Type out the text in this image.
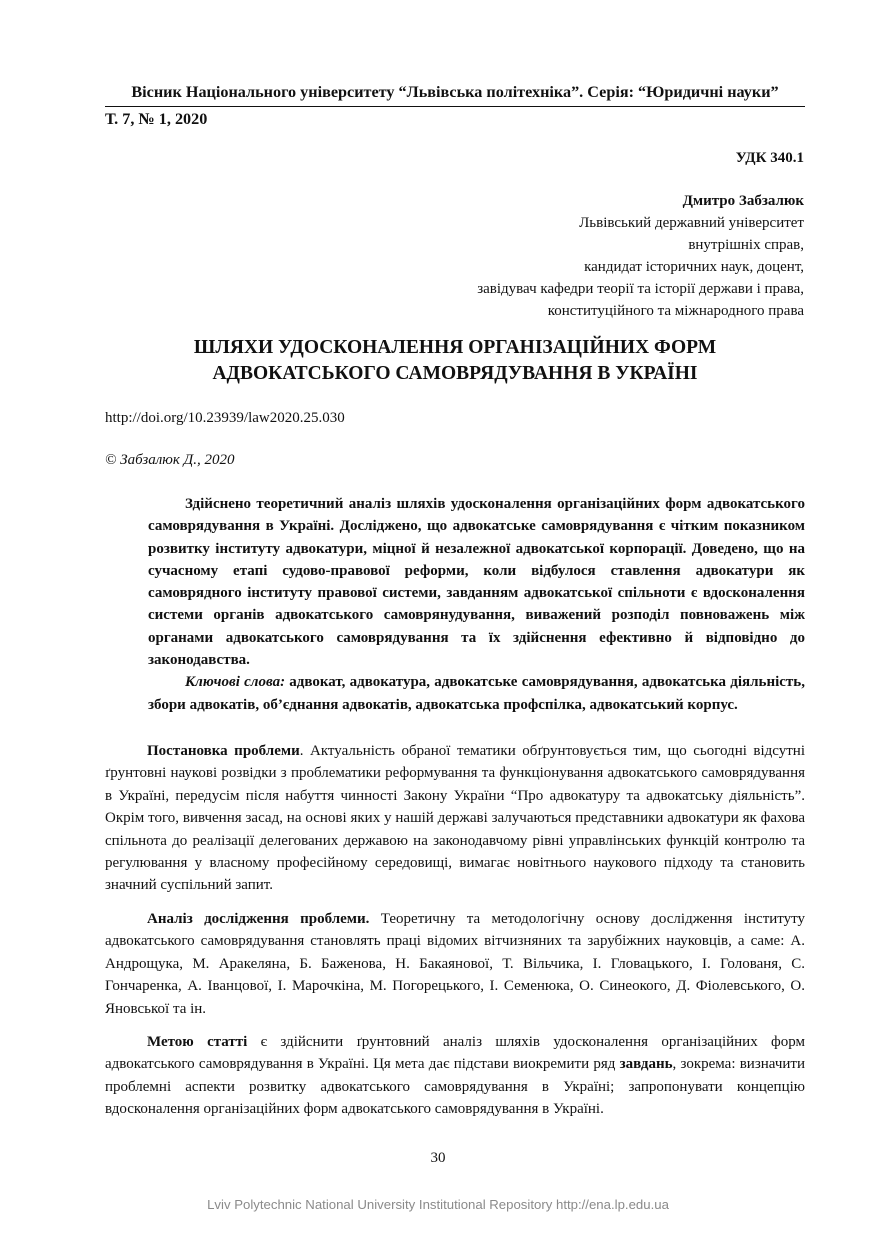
Вісник Національного університету “Львівська політехніка”. Серія: “Юридичні науки”
Т. 7, № 1, 2020
УДК 340.1
Дмитро Забзалюк
Львівський державний університет
внутрішніх справ,
кандидат історичних наук, доцент,
завідувач кафедри теорії та історії держави і права,
конституційного та міжнародного права
ШЛЯХИ УДОСКОНАЛЕННЯ ОРГАНІЗАЦІЙНИХ ФОРМ
АДВОКАТСЬКОГО САМОВРЯДУВАННЯ В УКРАЇНІ
http://doi.org/10.23939/law2020.25.030
© Забзалюк Д., 2020

Здійснено теоретичний аналіз шляхів удосконалення організаційних форм адвокатського самоврядування в Україні. Досліджено, що адвокатське самоврядування є чітким показником розвитку інституту адвокатури, міцної й незалежної адвокатської корпорації. Доведено, що на сучасному етапі судово-правової реформи, коли відбулося ставлення адвокатури як самоврядного інституту правової системи, завданням адвокатської спільноти є вдосконалення системи органів адвокатського самоврянудування, виважений розподіл повноважень між органами адвокатського самоврядування та їх здійснення ефективно й відповідно до законодавства.

Ключові слова: адвокат, адвокатура, адвокатське самоврядування, адвокатська діяльність, збори адвокатів, об’єднання адвокатів, адвокатська профспілка, адвокатський корпус.

Постановка проблеми. Актуальність обраної тематики обґрунтовується тим, що сьогодні відсутні ґрунтовні наукові розвідки з проблематики реформування та функціонування адвокатського самоврядування в Україні, передусім після набуття чинності Закону України “Про адвокатуру та адвокатську діяльність”. Окрім того, вивчення засад, на основі яких у нашій державі залучаються представники адвокатури як фахова спільнота до реалізації делегованих державою на законодавчому рівні управлінських функцій контролю та регулювання у власному професійному середовищі, вимагає новітнього наукового підходу та становить значний суспільний запит.

Аналіз дослідження проблеми. Теоретичну та методологічну основу дослідження інституту адвокатського самоврядування становлять праці відомих вітчизняних та зарубіжних науковців, а саме: А. Андрощука, М. Аракеляна, Б. Баженова, Н. Бакаянової, Т. Вільчика, І. Гловацького, І. Голованя, С. Гончаренка, А. Іванцової, І. Марочкіна, М. Погорецького, І. Семенюка, О. Синеокого, Д. Фіолевського, О. Яновської та ін.

Метою статті є здійснити ґрунтовний аналіз шляхів удосконалення організаційних форм адвокатського самоврядування в Україні. Ця мета дає підстави виокремити ряд завдань, зокрема: визначити проблемні аспекти розвитку адвокатського самоврядування в Україні; запропонувати концепцію вдосконалення організаційних форм адвокатського самоврядування в Україні.

30
Lviv Polytechnic National University Institutional Repository http://ena.lp.edu.ua
